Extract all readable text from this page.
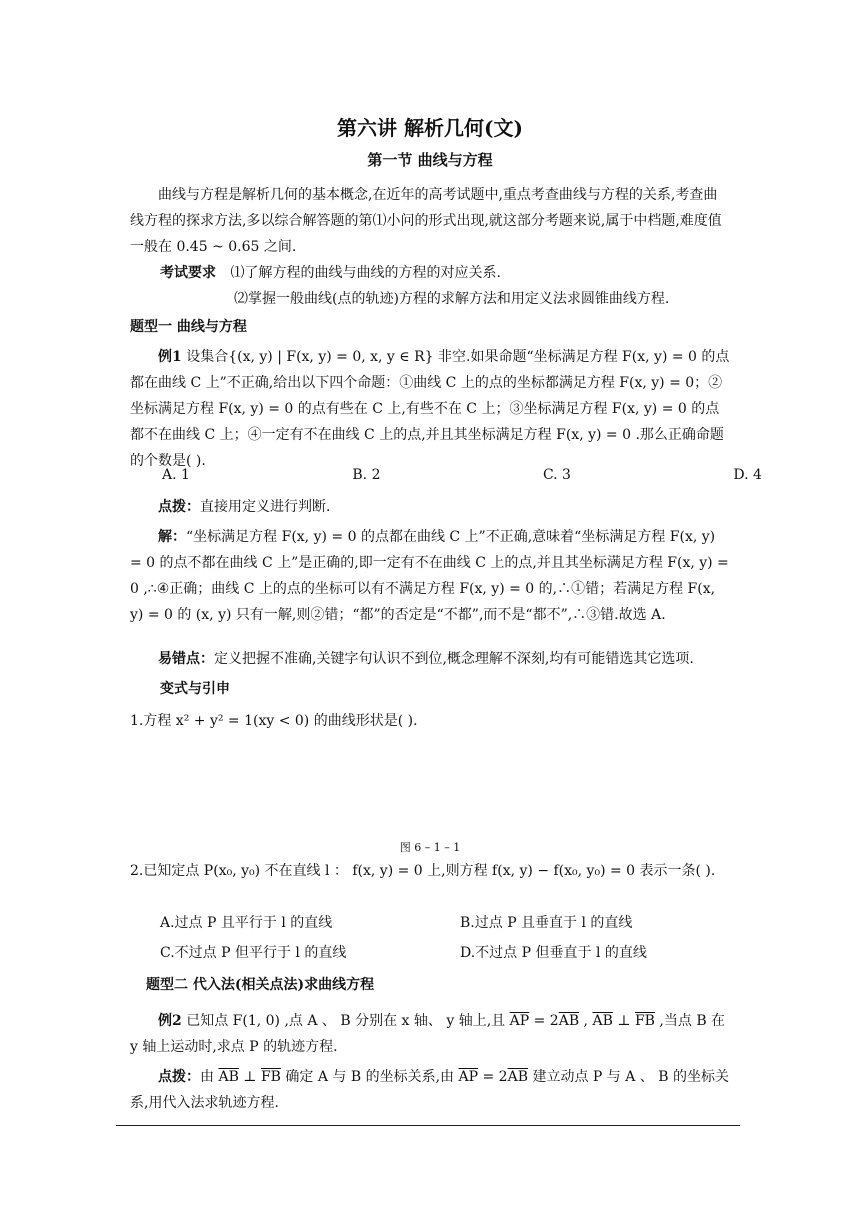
第六讲 解析几何(文)
第一节 曲线与方程

曲线与方程是解析几何的基本概念,在近年的高考试题中,重点考查曲线与方程的关系,考查曲线方程的探求方法,多以综合解答题的第⑴小问的形式出现,就这部分考题来说,属于中档题,难度值一般在 0.45 ~ 0.65 之间.

考试要求 ⑴了解方程的曲线与曲线的方程的对应关系.
⑵掌握一般曲线(点的轨迹)方程的求解方法和用定义法求圆锥曲线方程.
题型一 曲线与方程

例1 设集合{(x, y) | F(x, y) = 0, x, y ∈ R} 非空.如果命题“坐标满足方程 F(x, y) = 0 的点都在曲线 C 上”不正确,给出以下四个命题：①曲线 C 上的点的坐标都满足方程 F(x, y) = 0；②坐标满足方程 F(x, y) = 0 的点有些在 C 上,有些不在 C 上；③坐标满足方程 F(x, y) = 0 的点都不在曲线 C 上；④一定有不在曲线 C 上的点,并且其坐标满足方程 F(x, y) = 0 .那么正确命题的个数是( ).

A. 1	B. 2	C. 3	D. 4

点拨：直接用定义进行判断.

解：“坐标满足方程 F(x, y) = 0 的点都在曲线 C 上”不正确,意味着“坐标满足方程 F(x, y) = 0 的点不都在曲线 C 上”是正确的,即一定有不在曲线 C 上的点,并且其坐标满足方程 F(x, y) = 0 ,∴④正确；曲线 C 上的点的坐标可以有不满足方程 F(x, y) = 0 的,∴①错；若满足方程 F(x, y) = 0 的 (x, y) 只有一解,则②错；“都”的否定是“不都”,而不是“都不”,∴③错.故选 A.

易错点：定义把握不准确,关键字句认识不到位,概念理解不深刻,均有可能错选其它选项.

变式与引申
1.方程 x² + y² = 1(xy < 0) 的曲线形状是( ).
图 6 – 1 – 1

2.已知定点 P(x₀, y₀) 不在直线 l ： f(x, y) = 0 上,则方程 f(x, y) − f(x₀, y₀) = 0 表示一条( ).

A.过点 P 且平行于 l 的直线	B.过点 P 且垂直于 l 的直线
C.不过点 P 但平行于 l 的直线	D.不过点 P 但垂直于 l 的直线
题型二 代入法(相关点法)求曲线方程

例2 已知点 F(1, 0) ,点 A 、 B 分别在 x 轴、 y 轴上,且 $\overline{AP} = 2\overline{AB}$ , $\overline{AB}$ ⊥ $\overline{FB}$ ,当点 B 在 y 轴上运动时,求点 P 的轨迹方程.

点拨：由 $\overline{AB}$ ⊥ $\overline{FB}$ 确定 A 与 B 的坐标关系,由 $\overline{AP} = 2\overline{AB}$ 建立动点 P 与 A 、 B 的坐标关系,用代入法求轨迹方程.
